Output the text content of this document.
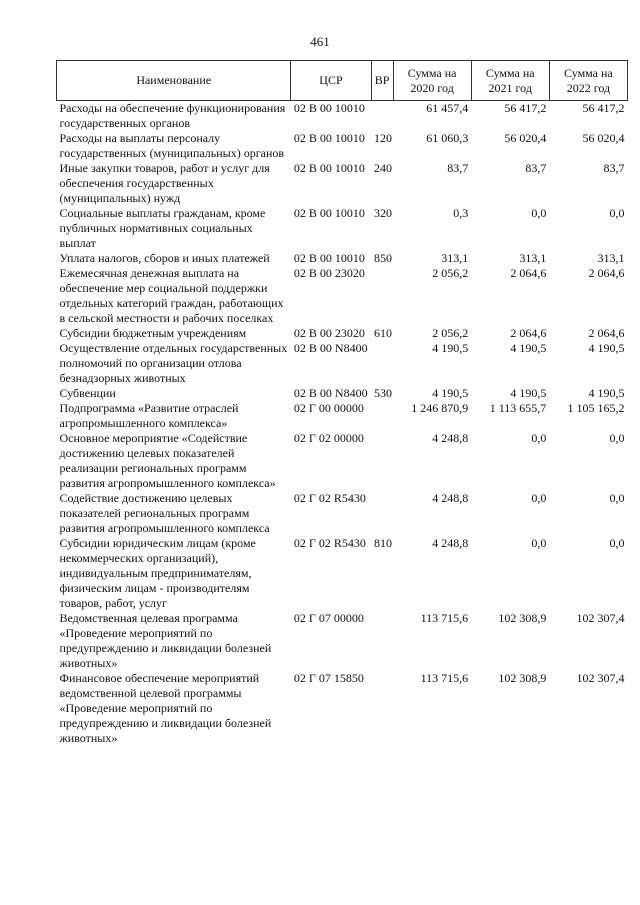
461
Наименование	ЦСР	ВР	Сумма на 2020 год	Сумма на 2021 год	Сумма на 2022 год
Расходы на обеспечение функционирования государственных органов	02 В 00 10010		61 457,4	56 417,2	56 417,2
Расходы на выплаты персоналу государственных (муниципальных) органов	02 В 00 10010	120	61 060,3	56 020,4	56 020,4
Иные закупки товаров, работ и услуг для обеспечения государственных (муниципальных) нужд	02 В 00 10010	240	83,7	83,7	83,7
Социальные выплаты гражданам, кроме публичных нормативных социальных выплат	02 В 00 10010	320	0,3	0,0	0,0
Уплата налогов, сборов и иных платежей	02 В 00 10010	850	313,1	313,1	313,1
Ежемесячная денежная выплата на обеспечение мер социальной поддержки отдельных категорий граждан, работающих в сельской местности и рабочих поселках	02 В 00 23020		2 056,2	2 064,6	2 064,6
Субсидии бюджетным учреждениям	02 В 00 23020	610	2 056,2	2 064,6	2 064,6
Осуществление отдельных государственных полномочий по организации отлова безнадзорных животных	02 В 00 N8400		4 190,5	4 190,5	4 190,5
Субвенции	02 В 00 N8400	530	4 190,5	4 190,5	4 190,5
Подпрограмма «Развитие отраслей агропромышленного комплекса»	02 Г 00 00000		1 246 870,9	1 113 655,7	1 105 165,2
Основное мероприятие «Содействие достижению целевых показателей реализации региональных программ развития агропромышленного комплекса»	02 Г 02 00000		4 248,8	0,0	0,0
Содействие достижению целевых показателей региональных программ развития агропромышленного комплекса	02 Г 02 R5430		4 248,8	0,0	0,0
Субсидии юридическим лицам (кроме некоммерческих организаций), индивидуальным предпринимателям, физическим лицам - производителям товаров, работ, услуг	02 Г 02 R5430	810	4 248,8	0,0	0,0
Ведомственная целевая программа «Проведение мероприятий по предупреждению и ликвидации болезней животных»	02 Г 07 00000		113 715,6	102 308,9	102 307,4
Финансовое обеспечение мероприятий ведомственной целевой программы «Проведение мероприятий по предупреждению и ликвидации болезней животных»	02 Г 07 15850		113 715,6	102 308,9	102 307,4
